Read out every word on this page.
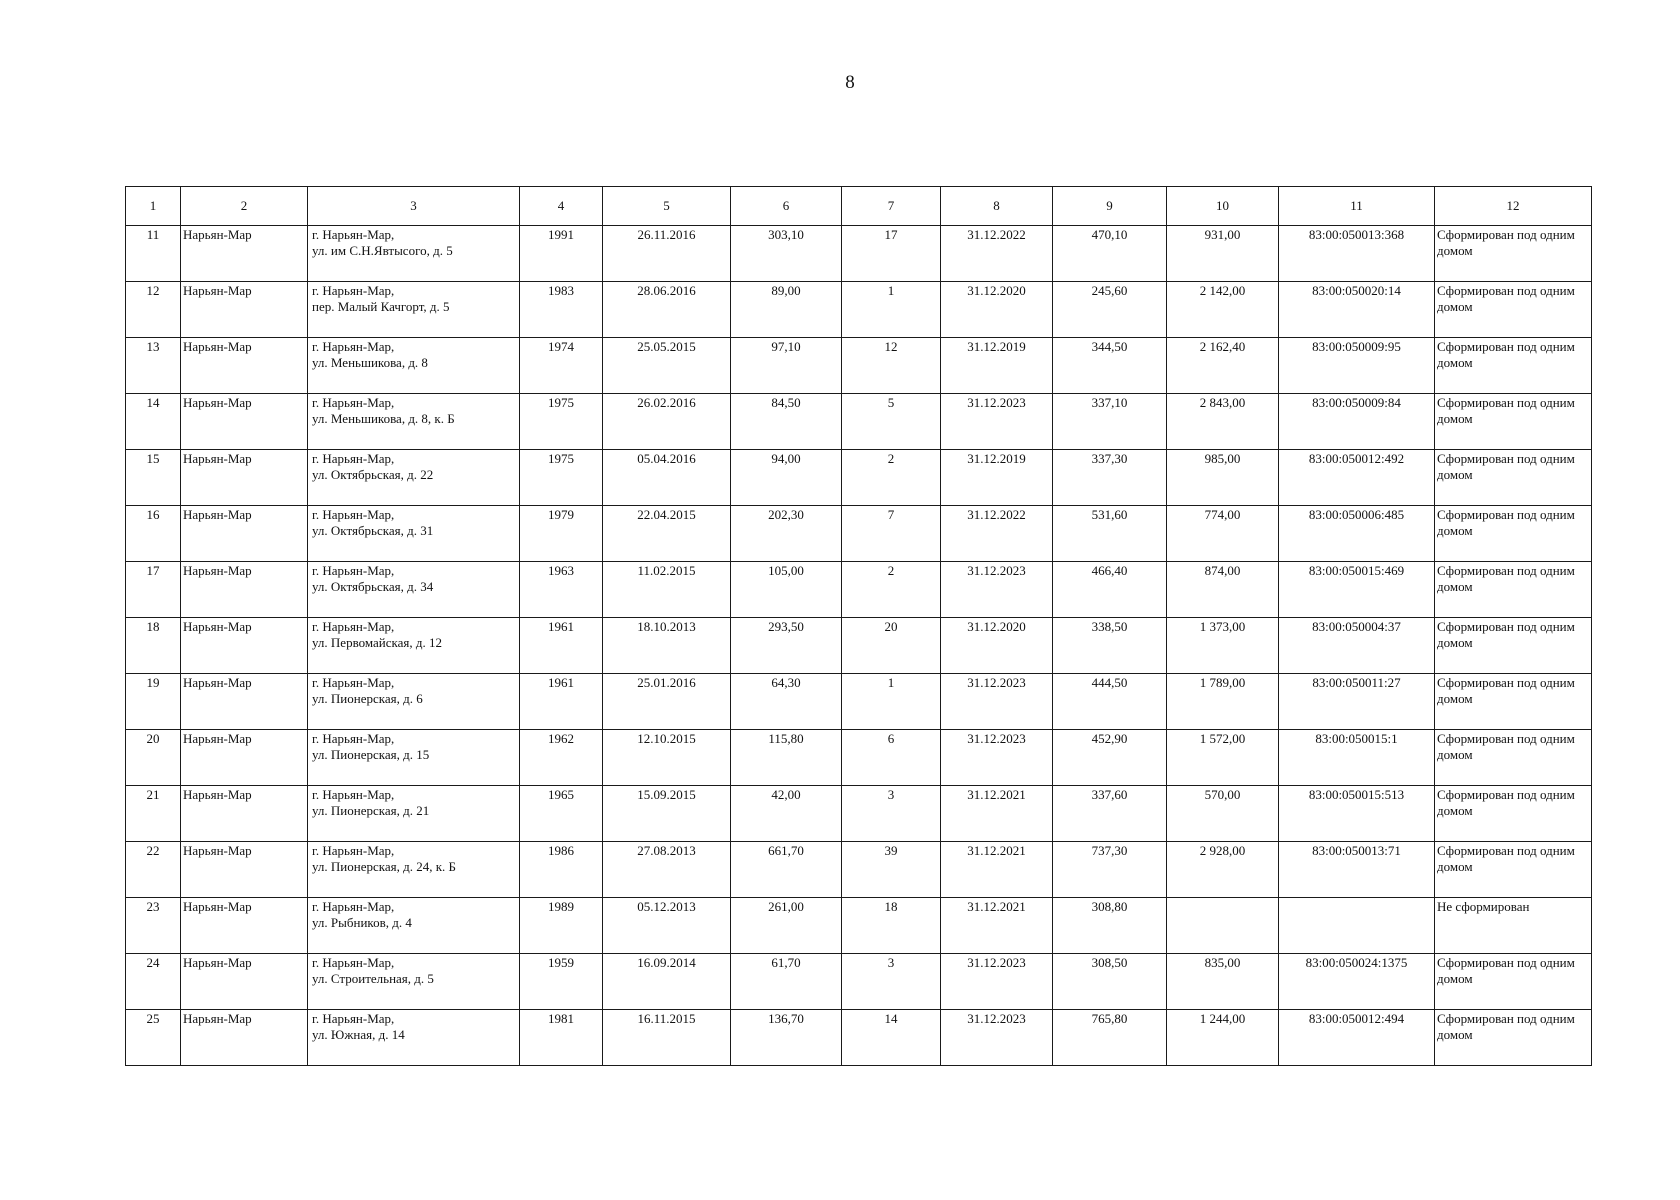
8
1	2	3	4	5	6	7	8	9	10	11	12
11	Нарьян-Мар	г. Нарьян-Мар,
ул. им С.Н.Явтысого, д. 5	1991	26.11.2016	303,10	17	31.12.2022	470,10	931,00	83:00:050013:368	Сформирован под одним домом
12	Нарьян-Мар	г. Нарьян-Мар,
пер. Малый Качгорт, д. 5	1983	28.06.2016	89,00	1	31.12.2020	245,60	2 142,00	83:00:050020:14	Сформирован под одним домом
13	Нарьян-Мар	г. Нарьян-Мар,
ул. Меньшикова, д. 8	1974	25.05.2015	97,10	12	31.12.2019	344,50	2 162,40	83:00:050009:95	Сформирован под одним домом
14	Нарьян-Мар	г. Нарьян-Мар,
ул. Меньшикова, д. 8, к. Б	1975	26.02.2016	84,50	5	31.12.2023	337,10	2 843,00	83:00:050009:84	Сформирован под одним домом
15	Нарьян-Мар	г. Нарьян-Мар,
ул. Октябрьская, д. 22	1975	05.04.2016	94,00	2	31.12.2019	337,30	985,00	83:00:050012:492	Сформирован под одним домом
16	Нарьян-Мар	г. Нарьян-Мар,
ул. Октябрьская, д. 31	1979	22.04.2015	202,30	7	31.12.2022	531,60	774,00	83:00:050006:485	Сформирован под одним домом
17	Нарьян-Мар	г. Нарьян-Мар,
ул. Октябрьская, д. 34	1963	11.02.2015	105,00	2	31.12.2023	466,40	874,00	83:00:050015:469	Сформирован под одним домом
18	Нарьян-Мар	г. Нарьян-Мар,
ул. Первомайская, д. 12	1961	18.10.2013	293,50	20	31.12.2020	338,50	1 373,00	83:00:050004:37	Сформирован под одним домом
19	Нарьян-Мар	г. Нарьян-Мар,
ул. Пионерская, д. 6	1961	25.01.2016	64,30	1	31.12.2023	444,50	1 789,00	83:00:050011:27	Сформирован под одним домом
20	Нарьян-Мар	г. Нарьян-Мар,
ул. Пионерская, д. 15	1962	12.10.2015	115,80	6	31.12.2023	452,90	1 572,00	83:00:050015:1	Сформирован под одним домом
21	Нарьян-Мар	г. Нарьян-Мар,
ул. Пионерская, д. 21	1965	15.09.2015	42,00	3	31.12.2021	337,60	570,00	83:00:050015:513	Сформирован под одним домом
22	Нарьян-Мар	г. Нарьян-Мар,
ул. Пионерская, д. 24, к. Б	1986	27.08.2013	661,70	39	31.12.2021	737,30	2 928,00	83:00:050013:71	Сформирован под одним домом
23	Нарьян-Мар	г. Нарьян-Мар,
ул. Рыбников, д. 4	1989	05.12.2013	261,00	18	31.12.2021	308,80			Не сформирован
24	Нарьян-Мар	г. Нарьян-Мар,
ул. Строительная, д. 5	1959	16.09.2014	61,70	3	31.12.2023	308,50	835,00	83:00:050024:1375	Сформирован под одним домом
25	Нарьян-Мар	г. Нарьян-Мар,
ул. Южная, д. 14	1981	16.11.2015	136,70	14	31.12.2023	765,80	1 244,00	83:00:050012:494	Сформирован под одним домом
